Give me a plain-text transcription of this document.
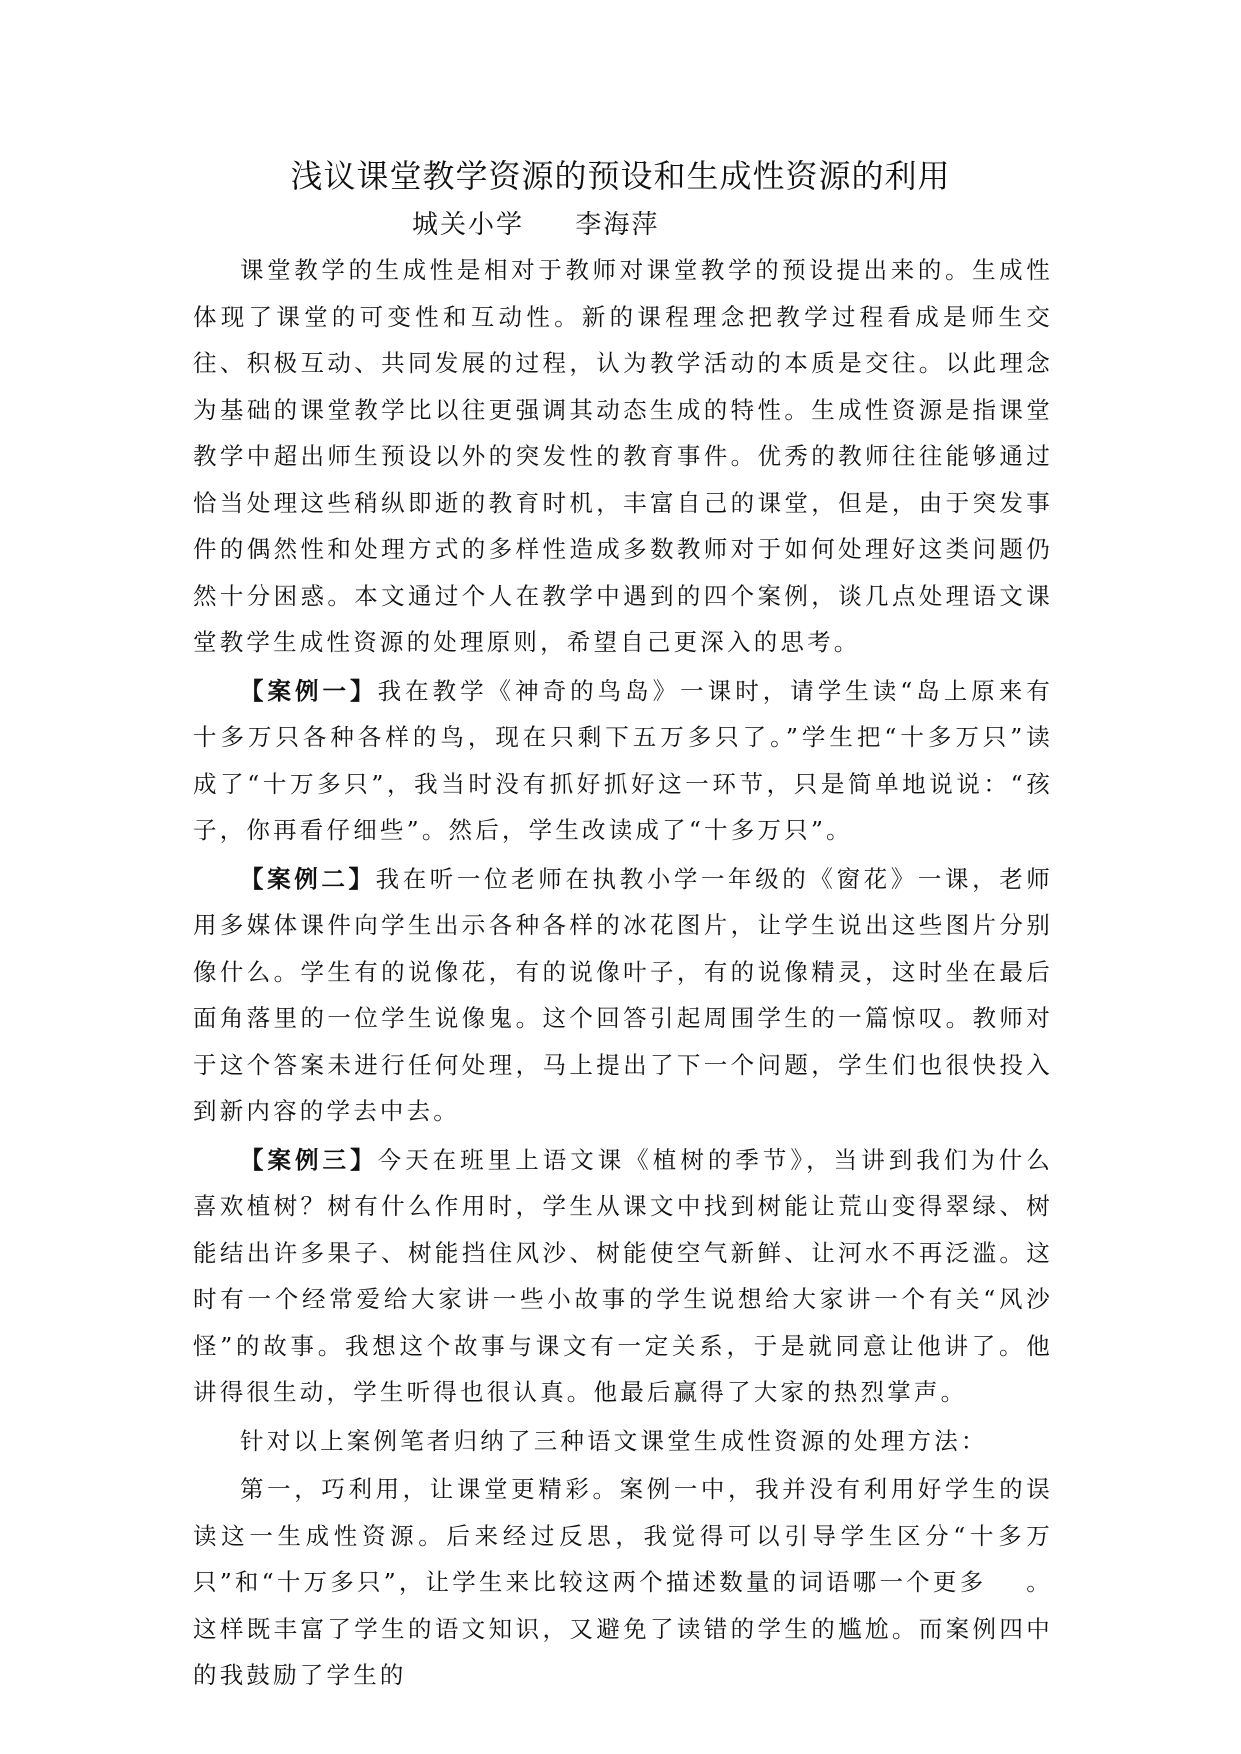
浅议课堂教学资源的预设和生成性资源的利用
城关小学     李海萍

课堂教学的生成性是相对于教师对课堂教学的预设提出来的。生成性体现了课堂的可变性和互动性。新的课程理念把教学过程看成是师生交往、积极互动、共同发展的过程，认为教学活动的本质是交往。以此理念为基础的课堂教学比以往更强调其动态生成的特性。生成性资源是指课堂教学中超出师生预设以外的突发性的教育事件。优秀的教师往往能够通过恰当处理这些稍纵即逝的教育时机，丰富自己的课堂，但是，由于突发事件的偶然性和处理方式的多样性造成多数教师对于如何处理好这类问题仍然十分困惑。本文通过个人在教学中遇到的四个案例，谈几点处理语文课堂教学生成性资源的处理原则，希望自己更深入的思考。

【案例一】我在教学《神奇的鸟岛》一课时，请学生读“岛上原来有十多万只各种各样的鸟，现在只剩下五万多只了。”学生把“十多万只”读成了“十万多只”，我当时没有抓好抓好这一环节，只是简单地说说：“孩子，你再看仔细些”。然后，学生改读成了“十多万只”。

【案例二】我在听一位老师在执教小学一年级的《窗花》一课，老师用多媒体课件向学生出示各种各样的冰花图片，让学生说出这些图片分别像什么。学生有的说像花，有的说像叶子，有的说像精灵，这时坐在最后面角落里的一位学生说像鬼。这个回答引起周围学生的一篇惊叹。教师对于这个答案未进行任何处理，马上提出了下一个问题，学生们也很快投入到新内容的学去中去。

【案例三】今天在班里上语文课《植树的季节》，当讲到我们为什么喜欢植树？树有什么作用时，学生从课文中找到树能让荒山变得翠绿、树能结出许多果子、树能挡住风沙、树能使空气新鲜、让河水不再泛滥。这时有一个经常爱给大家讲一些小故事的学生说想给大家讲一个有关“风沙怪”的故事。我想这个故事与课文有一定关系，于是就同意让他讲了。他讲得很生动，学生听得也很认真。他最后赢得了大家的热烈掌声。

针对以上案例笔者归纳了三种语文课堂生成性资源的处理方法：

第一，巧利用，让课堂更精彩。案例一中，我并没有利用好学生的误读这一生成性资源。后来经过反思，我觉得可以引导学生区分“十多万只”和“十万多只”，让学生来比较这两个描述数量的词语哪一个更多 。这样既丰富了学生的语文知识，又避免了读错的学生的尴尬。而案例四中的我鼓励了学生的
